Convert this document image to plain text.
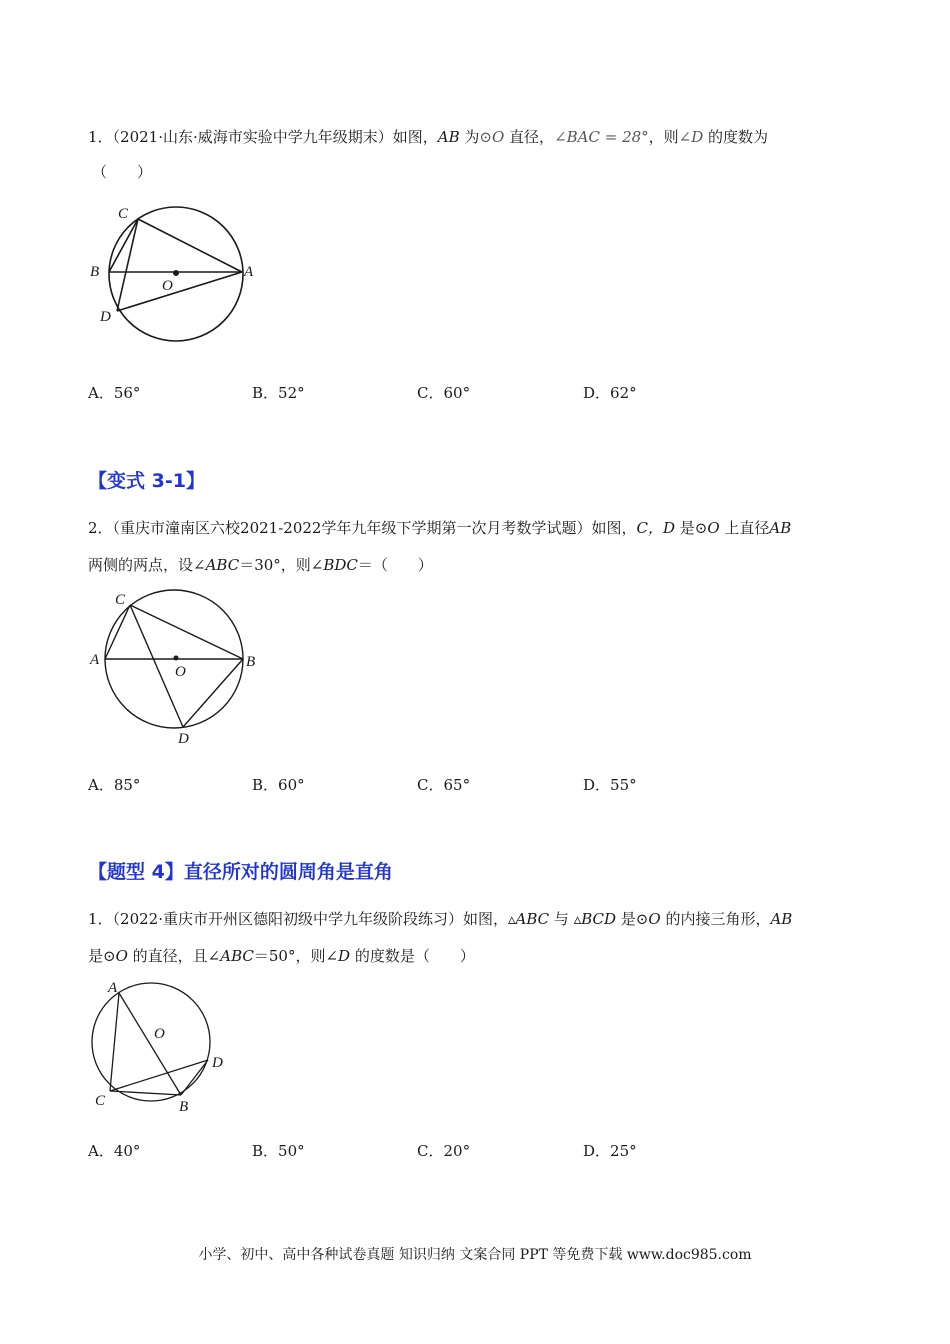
1．（2021·山东·威海市实验中学九年级期末）如图，AB 为⊙O 直径，∠BAC = 28°，则∠D 的度数为
（　　）
C
B	A
O
D
A．56°	B．52°	C．60°	D．62°
【变式 3-1】
2．（重庆市潼南区六校2021-2022学年九年级下学期第一次月考数学试题）如图，C，D 是⊙O 上直径AB
两侧的两点，设∠ABC＝30°，则∠BDC＝（　　）
C
A
O
B
D
A．85°	B．60°	C．65°	D．55°
【题型 4】直径所对的圆周角是直角
1．（2022·重庆市开州区德阳初级中学九年级阶段练习）如图，▵ABC 与 ▵BCD 是⊙O 的内接三角形，AB
是⊙O 的直径，且∠ABC＝50°，则∠D 的度数是（　　）
A
O
D
C	B
A．40°	B．50°	C．20°	D．25°
小学、初中、高中各种试卷真题 知识归纳 文案合同 PPT 等免费下载 www.doc985.com
